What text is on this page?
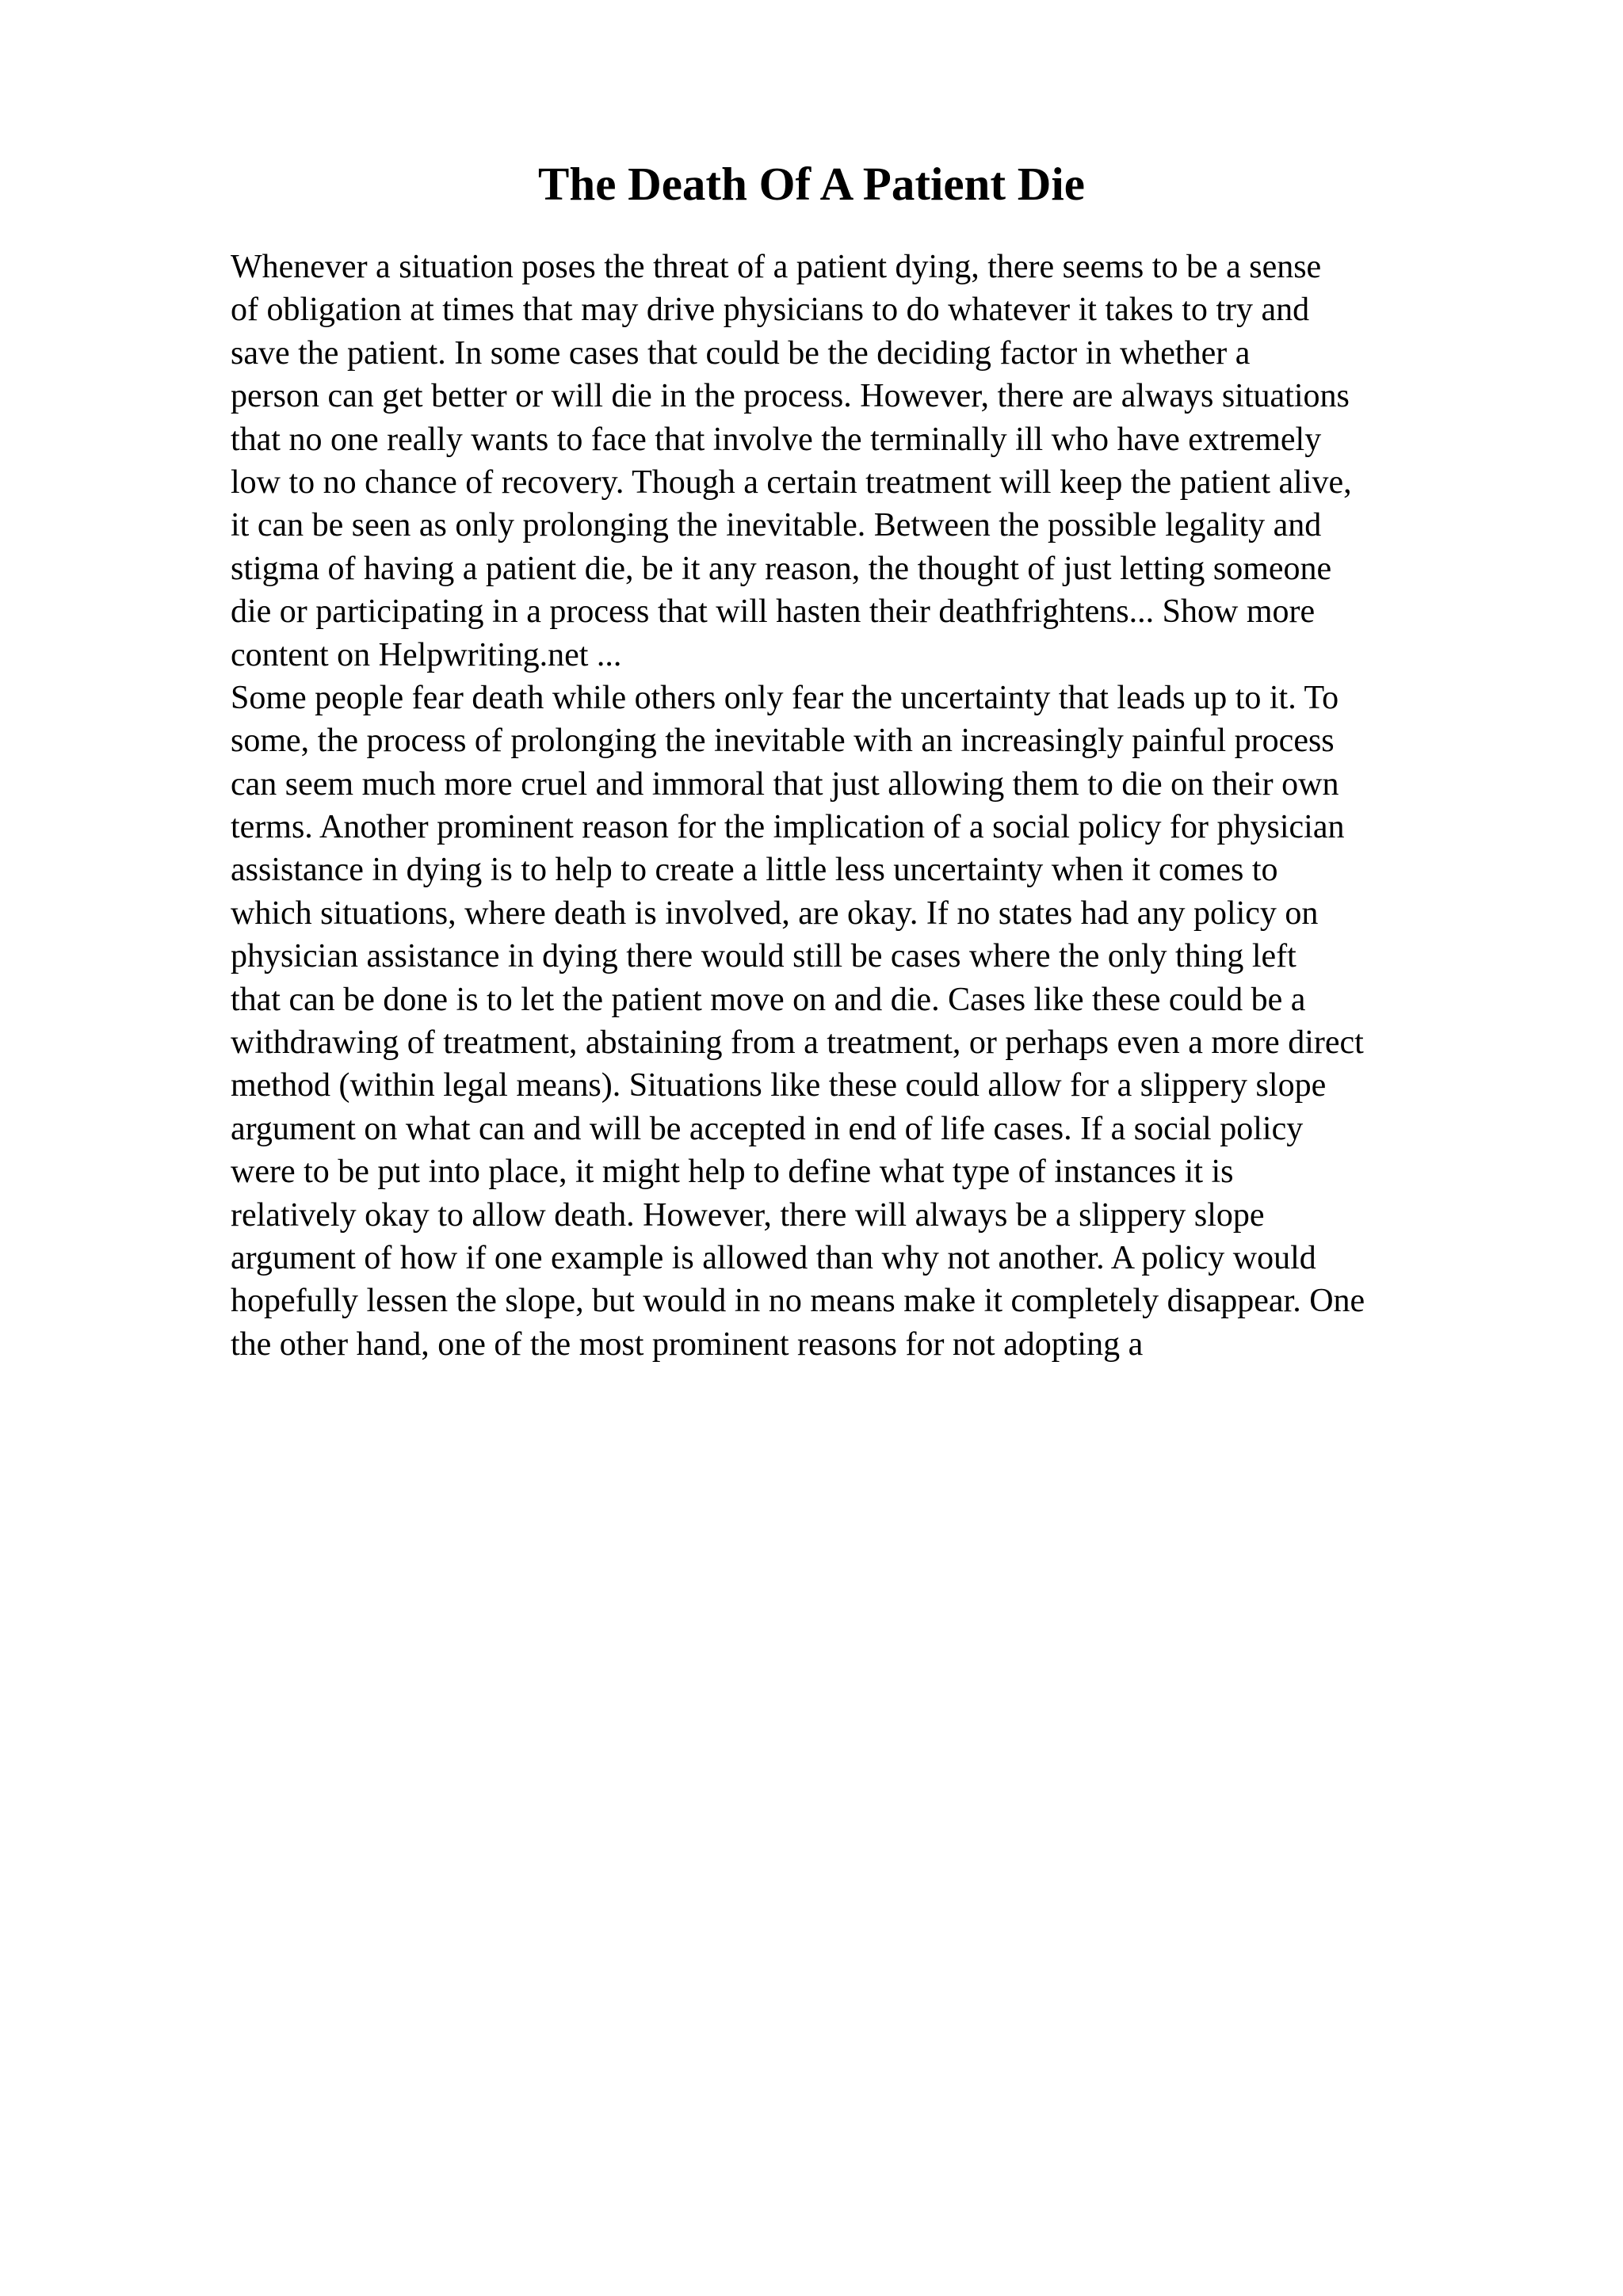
The Death Of A Patient Die
Whenever a situation poses the threat of a patient dying, there seems to be a sense
of obligation at times that may drive physicians to do whatever it takes to try and
save the patient. In some cases that could be the deciding factor in whether a
person can get better or will die in the process. However, there are always situations
that no one really wants to face that involve the terminally ill who have extremely
low to no chance of recovery. Though a certain treatment will keep the patient alive,
it can be seen as only prolonging the inevitable. Between the possible legality and
stigma of having a patient die, be it any reason, the thought of just letting someone
die or participating in a process that will hasten their deathfrightens... Show more
content on Helpwriting.net ...
Some people fear death while others only fear the uncertainty that leads up to it. To
some, the process of prolonging the inevitable with an increasingly painful process
can seem much more cruel and immoral that just allowing them to die on their own
terms. Another prominent reason for the implication of a social policy for physician
assistance in dying is to help to create a little less uncertainty when it comes to
which situations, where death is involved, are okay. If no states had any policy on
physician assistance in dying there would still be cases where the only thing left
that can be done is to let the patient move on and die. Cases like these could be a
withdrawing of treatment, abstaining from a treatment, or perhaps even a more direct
method (within legal means). Situations like these could allow for a slippery slope
argument on what can and will be accepted in end of life cases. If a social policy
were to be put into place, it might help to define what type of instances it is
relatively okay to allow death. However, there will always be a slippery slope
argument of how if one example is allowed than why not another. A policy would
hopefully lessen the slope, but would in no means make it completely disappear. One
the other hand, one of the most prominent reasons for not adopting a
